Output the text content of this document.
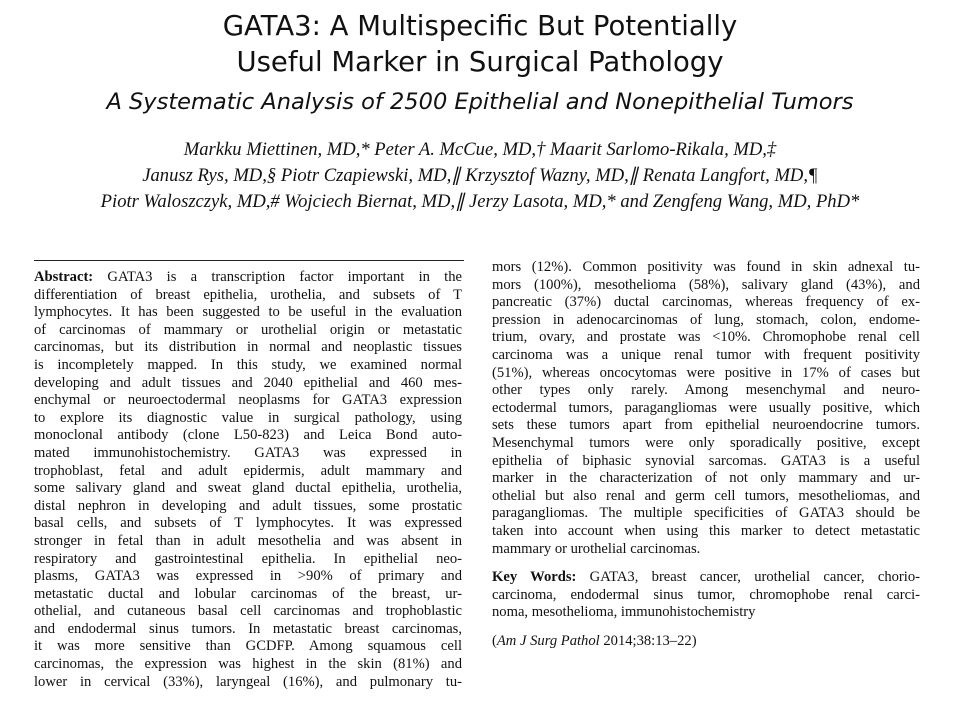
GATA3: A Multispecific But Potentially
Useful Marker in Surgical Pathology
A Systematic Analysis of 2500 Epithelial and Nonepithelial Tumors
Markku Miettinen, MD,* Peter A. McCue, MD,† Maarit Sarlomo-Rikala, MD,‡
Janusz Rys, MD,§ Piotr Czapiewski, MD,∥ Krzysztof Wazny, MD,∥ Renata Langfort, MD,¶
Piotr Waloszczyk, MD,# Wojciech Biernat, MD,∥ Jerzy Lasota, MD,* and Zengfeng Wang, MD, PhD*
Abstract: GATA3 is a transcription factor important in the
differentiation of breast epithelia, urothelia, and subsets of T
lymphocytes. It has been suggested to be useful in the evaluation
of carcinomas of mammary or urothelial origin or metastatic
carcinomas, but its distribution in normal and neoplastic tissues
is incompletely mapped. In this study, we examined normal
developing and adult tissues and 2040 epithelial and 460 mes-
enchymal or neuroectodermal neoplasms for GATA3 expression
to explore its diagnostic value in surgical pathology, using
monoclonal antibody (clone L50-823) and Leica Bond auto-
mated immunohistochemistry. GATA3 was expressed in
trophoblast, fetal and adult epidermis, adult mammary and
some salivary gland and sweat gland ductal epithelia, urothelia,
distal nephron in developing and adult tissues, some prostatic
basal cells, and subsets of T lymphocytes. It was expressed
stronger in fetal than in adult mesothelia and was absent in
respiratory and gastrointestinal epithelia. In epithelial neo-
plasms, GATA3 was expressed in >90% of primary and
metastatic ductal and lobular carcinomas of the breast, ur-
othelial, and cutaneous basal cell carcinomas and trophoblastic
and endodermal sinus tumors. In metastatic breast carcinomas,
it was more sensitive than GCDFP. Among squamous cell
carcinomas, the expression was highest in the skin (81%) and
lower in cervical (33%), laryngeal (16%), and pulmonary tu-
mors (12%). Common positivity was found in skin adnexal tu-
mors (100%), mesothelioma (58%), salivary gland (43%), and
pancreatic (37%) ductal carcinomas, whereas frequency of ex-
pression in adenocarcinomas of lung, stomach, colon, endome-
trium, ovary, and prostate was <10%. Chromophobe renal cell
carcinoma was a unique renal tumor with frequent positivity
(51%), whereas oncocytomas were positive in 17% of cases but
other types only rarely. Among mesenchymal and neuro-
ectodermal tumors, paragangliomas were usually positive, which
sets these tumors apart from epithelial neuroendocrine tumors.
Mesenchymal tumors were only sporadically positive, except
epithelia of biphasic synovial sarcomas. GATA3 is a useful
marker in the characterization of not only mammary and ur-
othelial but also renal and germ cell tumors, mesotheliomas, and
paragangliomas. The multiple specificities of GATA3 should be
taken into account when using this marker to detect metastatic
mammary or urothelial carcinomas.
Key Words: GATA3, breast cancer, urothelial cancer, chorio-
carcinoma, endodermal sinus tumor, chromophobe renal carci-
noma, mesothelioma, immunohistochemistry
(Am J Surg Pathol 2014;38:13–22)
